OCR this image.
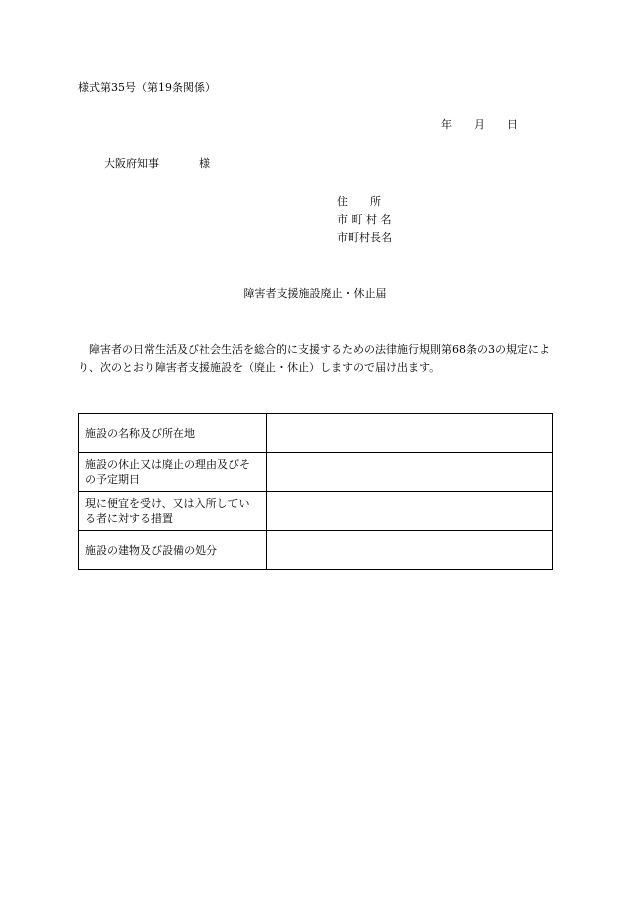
様式第35号（第19条関係）
年 月 日
大阪府知事	様
住　　所
市 町 村 名
市町村長名
障害者支援施設廃止・休止届
障害者の日常生活及び社会生活を総合的に支援するための法律施行規則第68条の3の規定により、次のとおり障害者支援施設を（廃止・休止）しますので届け出ます。
施設の名称及び所在地	
施設の休止又は廃止の理由及びその予定期日	
現に便宜を受け、又は入所している者に対する措置	
施設の建物及び設備の処分	
